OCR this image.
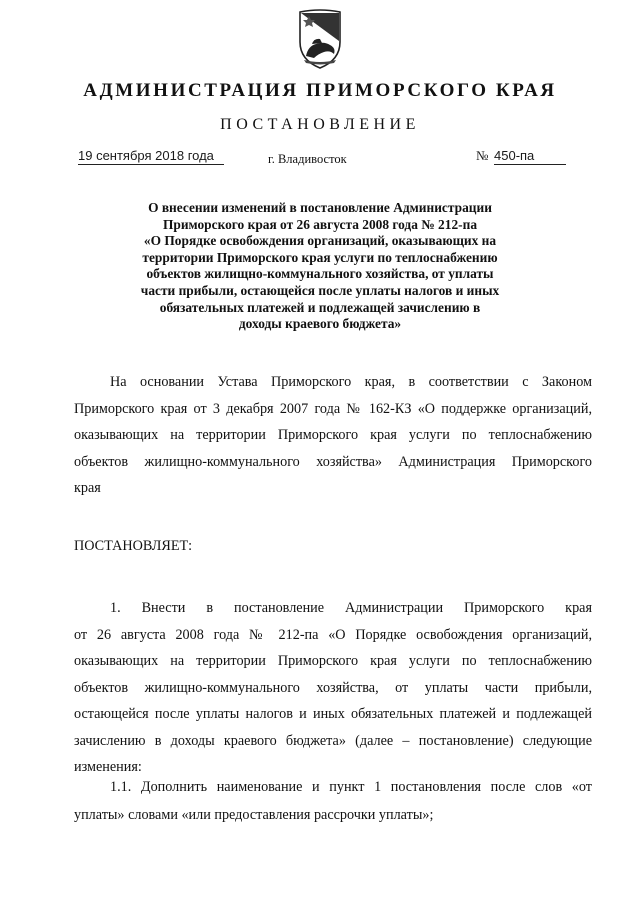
АДМИНИСТРАЦИЯ ПРИМОРСКОГО КРАЯ
ПОСТАНОВЛЕНИЕ
19 сентября 2018 года	г. Владивосток	№ 450-па
О внесении изменений в постановление Администрации
Приморского края от 26 августа 2008 года № 212-па
«О Порядке освобождения организаций, оказывающих на
территории Приморского края услуги по теплоснабжению
объектов жилищно-коммунального хозяйства, от уплаты
части прибыли, остающейся после уплаты налогов и иных
обязательных платежей и подлежащей зачислению в
доходы краевого бюджета»
На основании Устава Приморского края, в соответствии с Законом
Приморского края от 3 декабря 2007 года № 162-КЗ «О поддержке организаций,
оказывающих на территории Приморского края услуги по теплоснабжению
объектов жилищно-коммунального хозяйства» Администрация Приморского
края
ПОСТАНОВЛЯЕТ:
1. Внести в постановление Администрации Приморского края
от 26 августа 2008 года № 212-па «О Порядке освобождения организаций,
оказывающих на территории Приморского края услуги по теплоснабжению
объектов жилищно-коммунального хозяйства, от уплаты части прибыли,
остающейся после уплаты налогов и иных обязательных платежей и подлежащей
зачислению в доходы краевого бюджета» (далее – постановление) следующие
изменения:
1.1. Дополнить наименование и пункт 1 постановления после слов «от
уплаты» словами «или предоставления рассрочки уплаты»;
